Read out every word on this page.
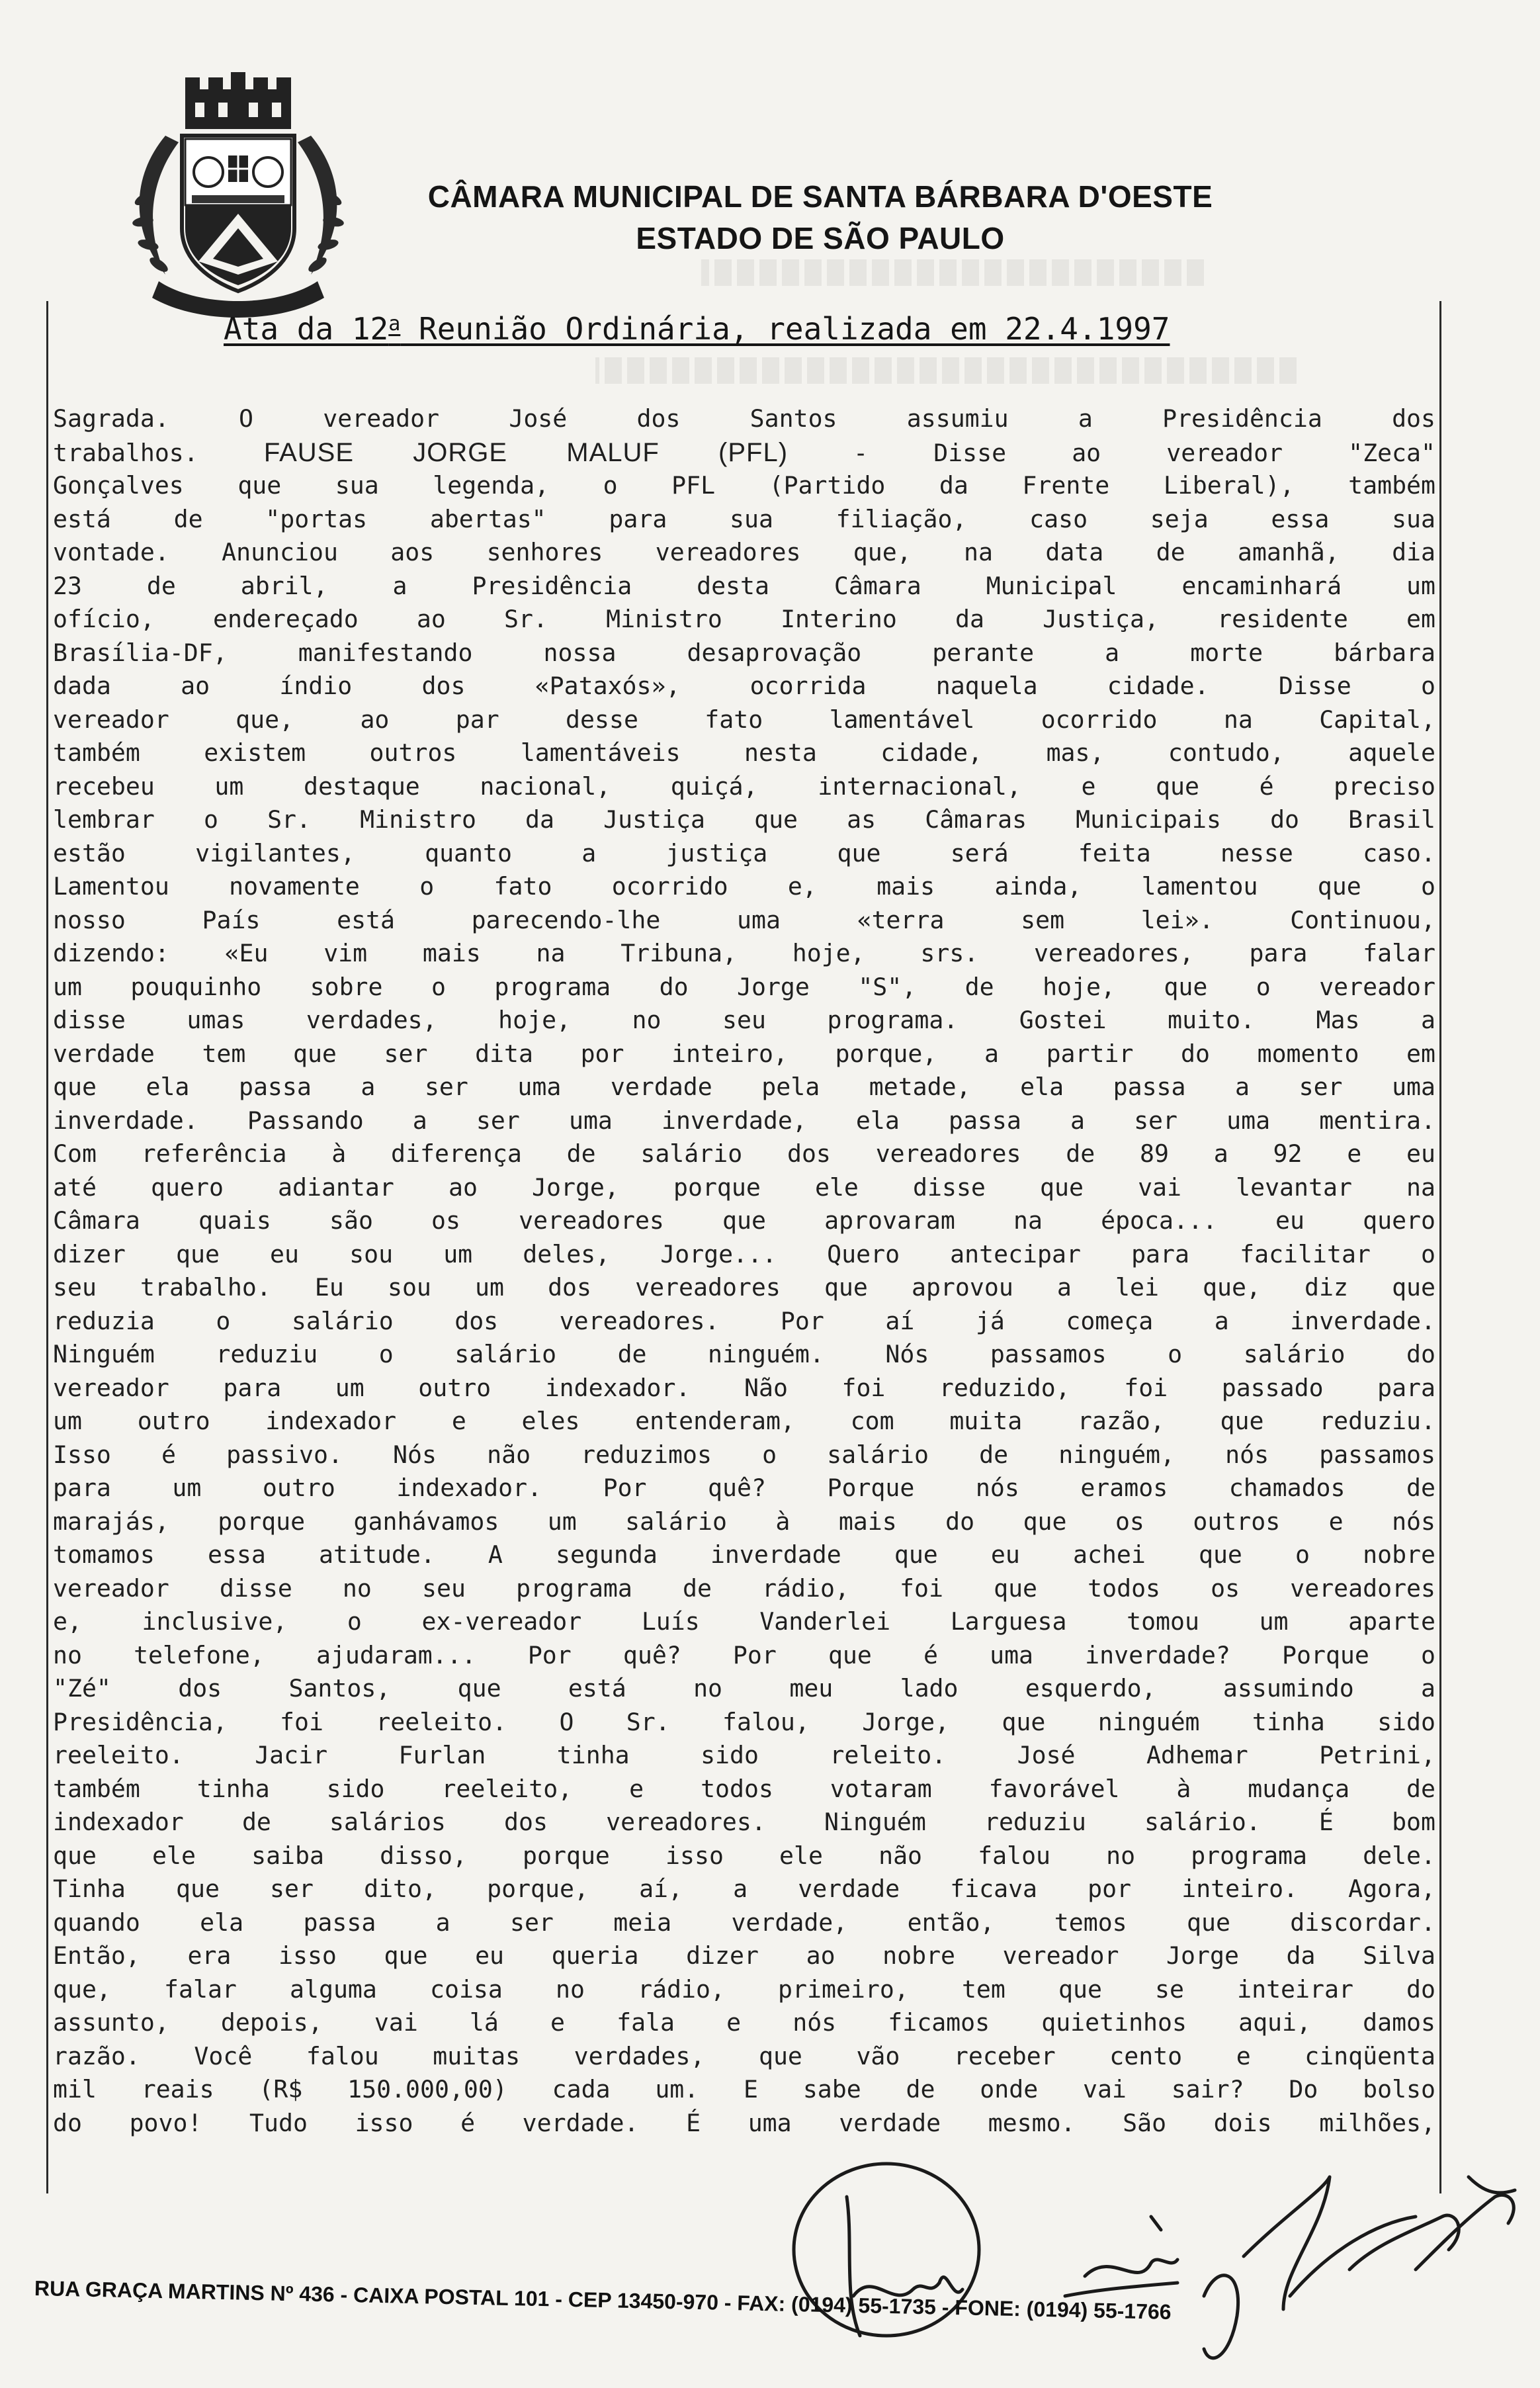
CÂMARA MUNICIPAL DE SANTA BÁRBARA D'OESTE
ESTADO DE SÃO PAULO
Ata da 12$^a$ Reunião Ordinária, realizada em 22.4.1997
Sagrada. O vereador José dos Santos assumiu a Presidência dos
trabalhos. FAUSE JORGE MALUF (PFL) - Disse ao vereador "Zeca"
Gonçalves que sua legenda, o PFL (Partido da Frente Liberal), também
está de "portas abertas" para sua filiação, caso seja essa sua
vontade. Anunciou aos senhores vereadores que, na data de amanhã, dia
23 de abril, a Presidência desta Câmara Municipal encaminhará um
ofício, endereçado ao Sr. Ministro Interino da Justiça, residente em
Brasília-DF, manifestando nossa desaprovação perante a morte bárbara
dada ao índio dos «Pataxós», ocorrida naquela cidade. Disse o
vereador que, ao par desse fato lamentável ocorrido na Capital,
também existem outros lamentáveis nesta cidade, mas, contudo, aquele
recebeu um destaque nacional, quiçá, internacional, e que é preciso
lembrar o Sr. Ministro da Justiça que as Câmaras Municipais do Brasil
estão vigilantes, quanto a justiça que será feita nesse caso.
Lamentou novamente o fato ocorrido e, mais ainda, lamentou que o
nosso País está parecendo-lhe uma «terra sem lei». Continuou,
dizendo: «Eu vim mais na Tribuna, hoje, srs. vereadores, para falar
um pouquinho sobre o programa do Jorge "S", de hoje, que o vereador
disse umas verdades, hoje, no seu programa. Gostei muito. Mas a
verdade tem que ser dita por inteiro, porque, a partir do momento em
que ela passa a ser uma verdade pela metade, ela passa a ser uma
inverdade. Passando a ser uma inverdade, ela passa a ser uma mentira.
Com referência à diferença de salário dos vereadores de 89 a 92 e eu
até quero adiantar ao Jorge, porque ele disse que vai levantar na
Câmara quais são os vereadores que aprovaram na época... eu quero
dizer que eu sou um deles, Jorge... Quero antecipar para facilitar o
seu trabalho. Eu sou um dos vereadores que aprovou a lei que, diz que
reduzia o salário dos vereadores. Por aí já começa a inverdade.
Ninguém reduziu o salário de ninguém. Nós passamos o salário do
vereador para um outro indexador. Não foi reduzido, foi passado para
um outro indexador e eles entenderam, com muita razão, que reduziu.
Isso é passivo. Nós não reduzimos o salário de ninguém, nós passamos
para um outro indexador. Por quê? Porque nós eramos chamados de
marajás, porque ganhávamos um salário à mais do que os outros e nós
tomamos essa atitude. A segunda inverdade que eu achei que o nobre
vereador disse no seu programa de rádio, foi que todos os vereadores
e, inclusive, o ex-vereador Luís Vanderlei Larguesa tomou um aparte
no telefone, ajudaram... Por quê? Por que é uma inverdade? Porque o
"Zé" dos Santos, que está no meu lado esquerdo, assumindo a
Presidência, foi reeleito. O Sr. falou, Jorge, que ninguém tinha sido
reeleito. Jacir Furlan tinha sido releito. José Adhemar Petrini,
também tinha sido reeleito, e todos votaram favorável à mudança de
indexador de salários dos vereadores. Ninguém reduziu salário. É bom
que ele saiba disso, porque isso ele não falou no programa dele.
Tinha que ser dito, porque, aí, a verdade ficava por inteiro. Agora,
quando ela passa a ser meia verdade, então, temos que discordar.
Então, era isso que eu queria dizer ao nobre vereador Jorge da Silva
que, falar alguma coisa no rádio, primeiro, tem que se inteirar do
assunto, depois, vai lá e fala e nós ficamos quietinhos aqui, damos
razão. Você falou muitas verdades, que vão receber cento e cinqüenta
mil reais (R$ 150.000,00) cada um. E sabe de onde vai sair? Do bolso
do povo! Tudo isso é verdade. É uma verdade mesmo. São dois milhões,
RUA GRAÇA MARTINS Nº 436 - CAIXA POSTAL 101 - CEP 13450-970 - FAX: (0194) 55-1735 - FONE: (0194) 55-1766
